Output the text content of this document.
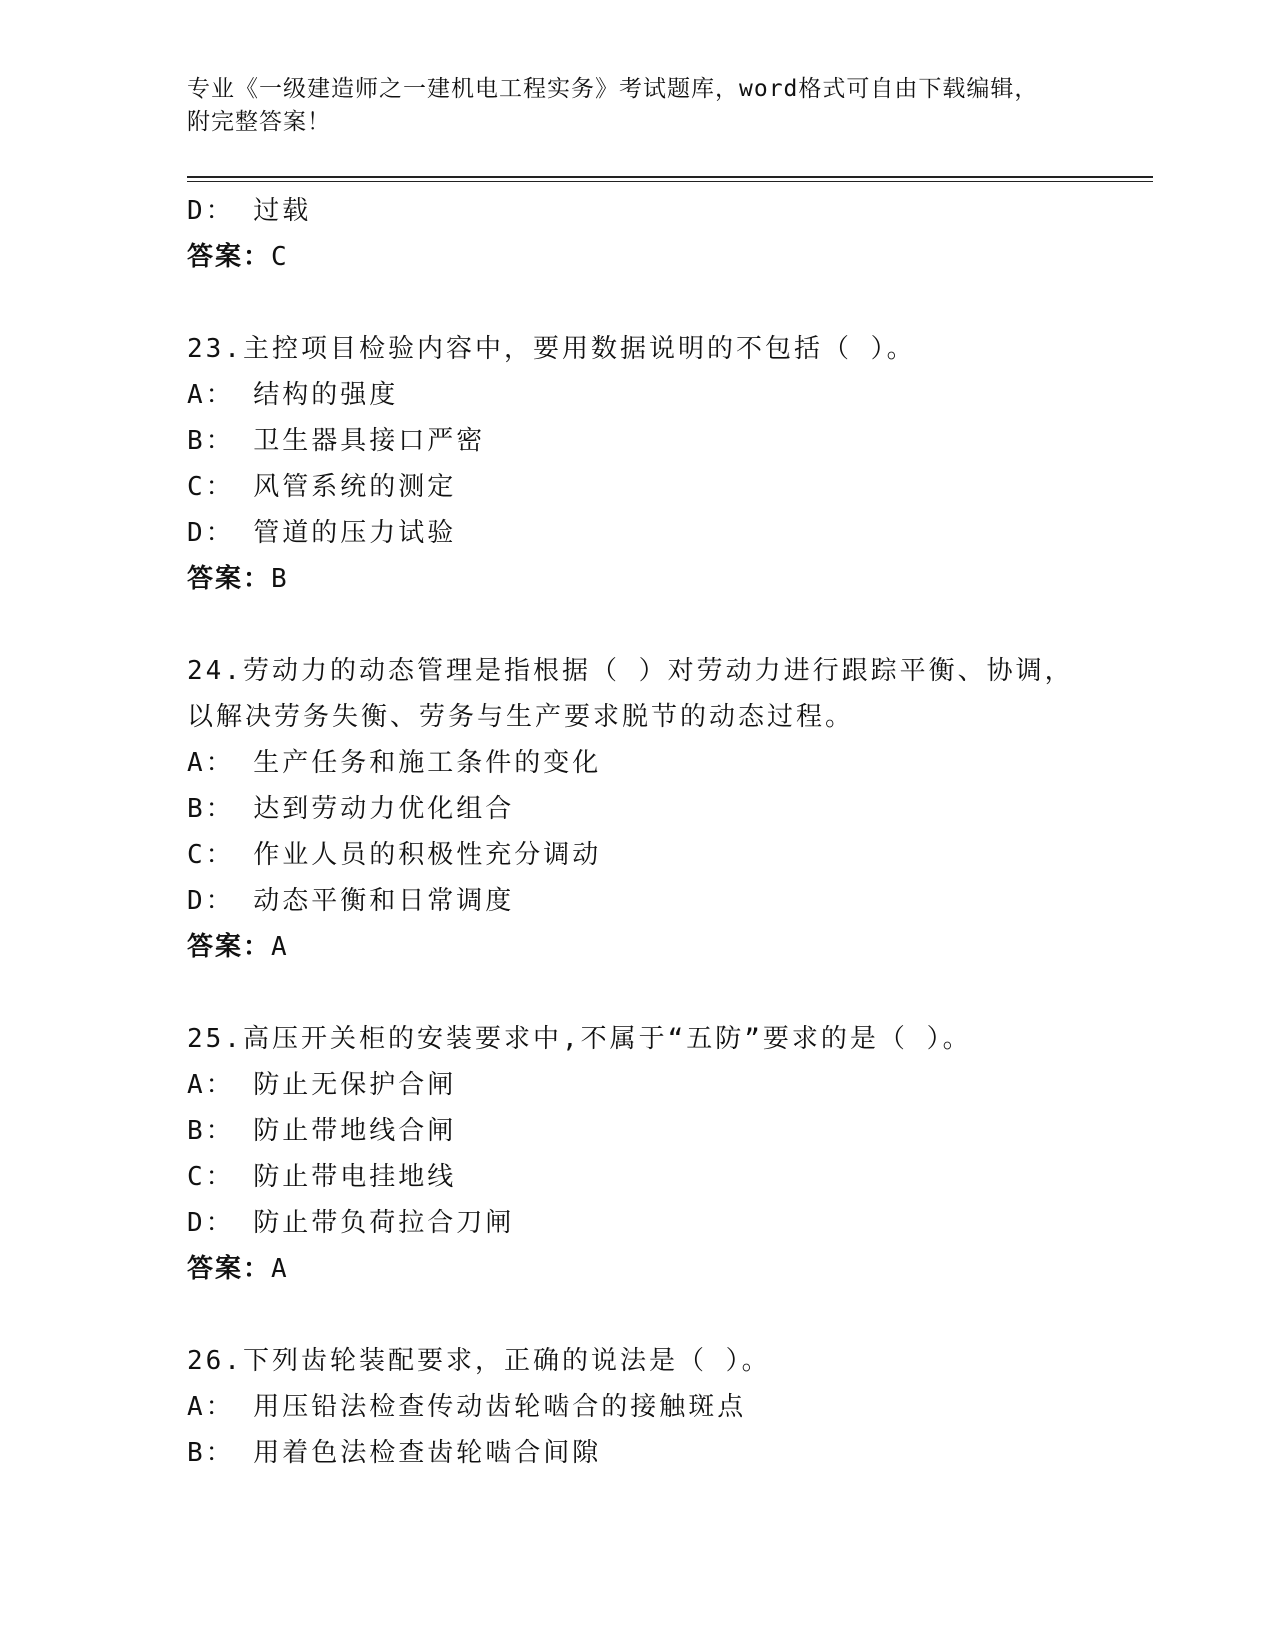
专业《一级建造师之一建机电工程实务》考试题库，word格式可自由下载编辑，
附完整答案！
D： 过载
答案：C
23.主控项目检验内容中，要用数据说明的不包括（ ）。
A： 结构的强度
B： 卫生器具接口严密
C： 风管系统的测定
D： 管道的压力试验
答案：B
24.劳动力的动态管理是指根据（ ）对劳动力进行跟踪平衡、协调，
以解决劳务失衡、劳务与生产要求脱节的动态过程。
A： 生产任务和施工条件的变化
B： 达到劳动力优化组合
C： 作业人员的积极性充分调动
D： 动态平衡和日常调度
答案：A
25.高压开关柜的安装要求中,不属于“五防”要求的是（ ）。
A： 防止无保护合闸
B： 防止带地线合闸
C： 防止带电挂地线
D： 防止带负荷拉合刀闸
答案：A
26.下列齿轮装配要求，正确的说法是（ ）。
A： 用压铅法检查传动齿轮啮合的接触斑点
B： 用着色法检查齿轮啮合间隙
